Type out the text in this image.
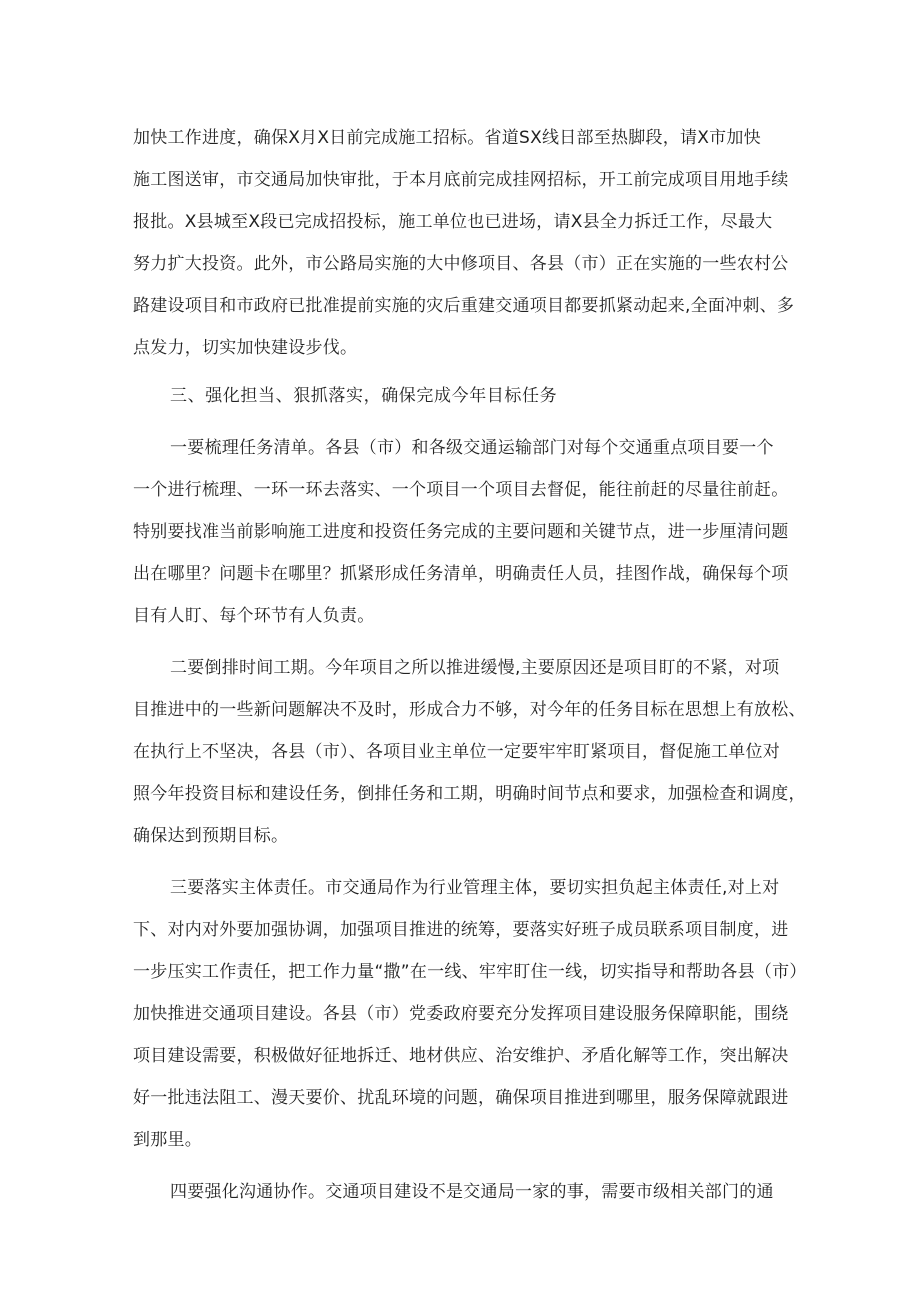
加快工作进度，确保X月X日前完成施工招标。省道SX线日部至热脚段，请X市加快
施工图送审，市交通局加快审批，于本月底前完成挂网招标，开工前完成项目用地手续
报批。X县城至X段已完成招投标，施工单位也已进场，请X县全力拆迁工作，尽最大
努力扩大投资。此外，市公路局实施的大中修项目、各县（市）正在实施的一些农村公
路建设项目和市政府已批准提前实施的灾后重建交通项目都要抓紧动起来,全面冲刺、多
点发力，切实加快建设步伐。
三、强化担当、狠抓落实，确保完成今年目标任务
一要梳理任务清单。各县（市）和各级交通运输部门对每个交通重点项目要一个
一个进行梳理、一环一环去落实、一个项目一个项目去督促，能往前赶的尽量往前赶。
特别要找准当前影响施工进度和投资任务完成的主要问题和关键节点，进一步厘清问题
出在哪里？问题卡在哪里？抓紧形成任务清单，明确责任人员，挂图作战，确保每个项
目有人盯、每个环节有人负责。
二要倒排时间工期。今年项目之所以推进缓慢,主要原因还是项目盯的不紧，对项
目推进中的一些新问题解决不及时，形成合力不够，对今年的任务目标在思想上有放松、
在执行上不坚决，各县（市）、各项目业主单位一定要牢牢盯紧项目，督促施工单位对
照今年投资目标和建设任务，倒排任务和工期，明确时间节点和要求，加强检查和调度，
确保达到预期目标。
三要落实主体责任。市交通局作为行业管理主体，要切实担负起主体责任,对上对
下、对内对外要加强协调，加强项目推进的统筹，要落实好班子成员联系项目制度，进
一步压实工作责任，把工作力量“撒”在一线、牢牢盯住一线，切实指导和帮助各县（市）
加快推进交通项目建设。各县（市）党委政府要充分发挥项目建设服务保障职能，围绕
项目建设需要，积极做好征地拆迁、地材供应、治安维护、矛盾化解等工作，突出解决
好一批违法阻工、漫天要价、扰乱环境的问题，确保项目推进到哪里，服务保障就跟进
到那里。
四要强化沟通协作。交通项目建设不是交通局一家的事，需要市级相关部门的通
